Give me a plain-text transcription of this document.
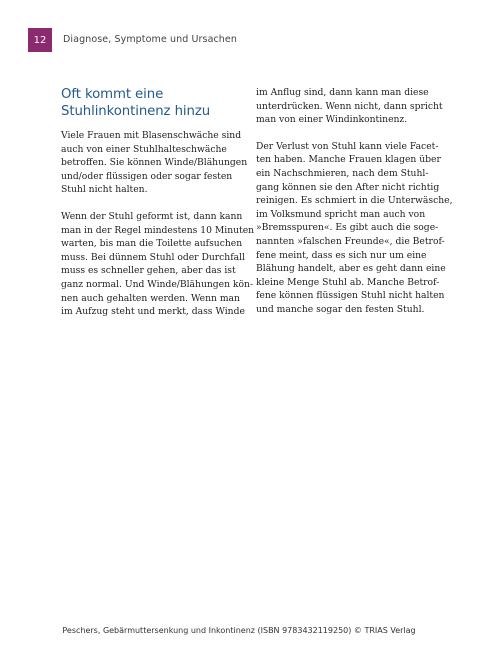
12	Diagnose, Symptome und Ursachen
Oft kommt eine
Stuhlinkontinenz hinzu

Viele Frauen mit Blasenschwäche sind
auch von einer Stuhlhalteschwäche
betroffen. Sie können Winde/Blähungen
und/oder flüssigen oder sogar festen
Stuhl nicht halten.

Wenn der Stuhl geformt ist, dann kann
man in der Regel mindestens 10 Minuten
warten, bis man die Toilette aufsuchen
muss. Bei dünnem Stuhl oder Durchfall
muss es schneller gehen, aber das ist
ganz normal. Und Winde/Blähungen kön-
nen auch gehalten werden. Wenn man
im Aufzug steht und merkt, dass Winde

im Anflug sind, dann kann man diese
unterdrücken. Wenn nicht, dann spricht
man von einer Windinkontinenz.

Der Verlust von Stuhl kann viele Facet-
ten haben. Manche Frauen klagen über
ein Nachschmieren, nach dem Stuhl-
gang können sie den After nicht richtig
reinigen. Es schmiert in die Unterwäsche,
im Volksmund spricht man auch von
»Bremsspuren«. Es gibt auch die soge-
nannten »falschen Freunde«, die Betrof-
fene meint, dass es sich nur um eine
Blähung handelt, aber es geht dann eine
kleine Menge Stuhl ab. Manche Betrof-
fene können flüssigen Stuhl nicht halten
und manche sogar den festen Stuhl.

Peschers, Gebärmuttersenkung und Inkontinenz (ISBN 9783432119250) © TRIAS Verlag
